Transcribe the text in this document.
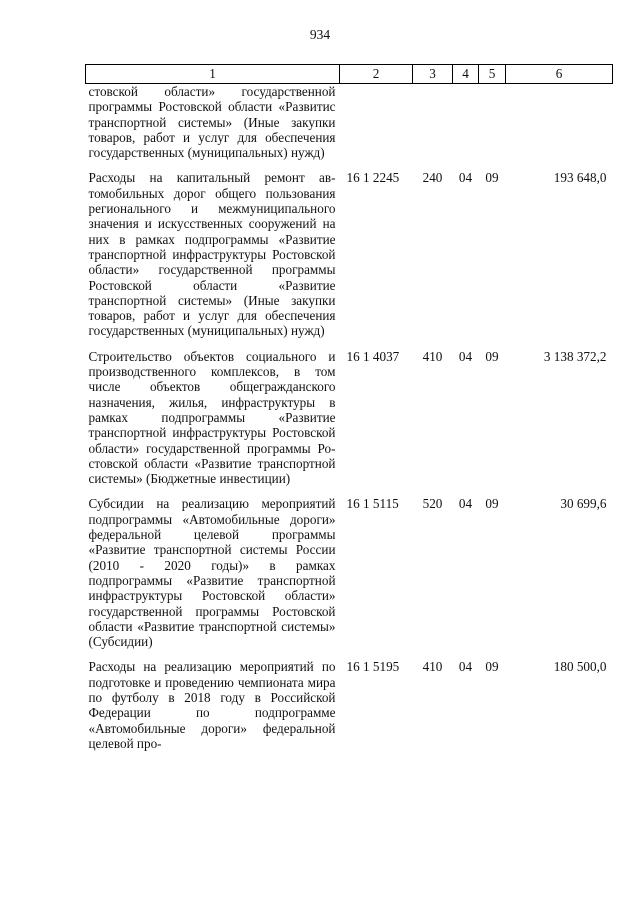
934
1	2	3	4	5	6
стовской области» государственной программы Ростовской области «Развитис транспортной системы» (Иные закупки товаров, работ и услуг для обеспечения государственных (муниципальных) нужд)					
Расходы на капитальный ремонт автомобильных дорог общего пользования регионального и межмуниципального значения и искусственных сооружений на них в рамках подпрограммы «Развитие транспортной инфраструктуры Ростовской области» государственной программы Ростовской области «Развитие транспортной системы» (Иные закупки товаров, работ и услуг для обеспечения государственных (муниципальных) нужд)	16 1 2245	240	04	09	193 648,0
Строительство объектов социального и производственного комплексов, в том числе объектов общегражданского назначения, жилья, инфраструктуры в рамках подпрограммы «Развитие транспортной инфраструктуры Ростовской области» государственной программы Ростовской области «Развитие транспортной системы» (Бюджетные инвестиции)	16 1 4037	410	04	09	3 138 372,2
Субсидии на реализацию мероприятий подпрограммы «Автомобильные дороги» федеральной целевой программы «Развитие транспортной системы России (2010 - 2020 годы)» в рамках подпрограммы «Развитие транспортной инфраструктуры Ростовской области» государственной программы Ростовской области «Развитие транспортной системы» (Субсидии)	16 1 5115	520	04	09	30 699,6
Расходы на реализацию мероприятий по подготовке и проведению чемпионата мира по футболу в 2018 году в Российской Федерации по подпрограмме «Автомобильные дороги» федеральной целевой про-	16 1 5195	410	04	09	180 500,0
